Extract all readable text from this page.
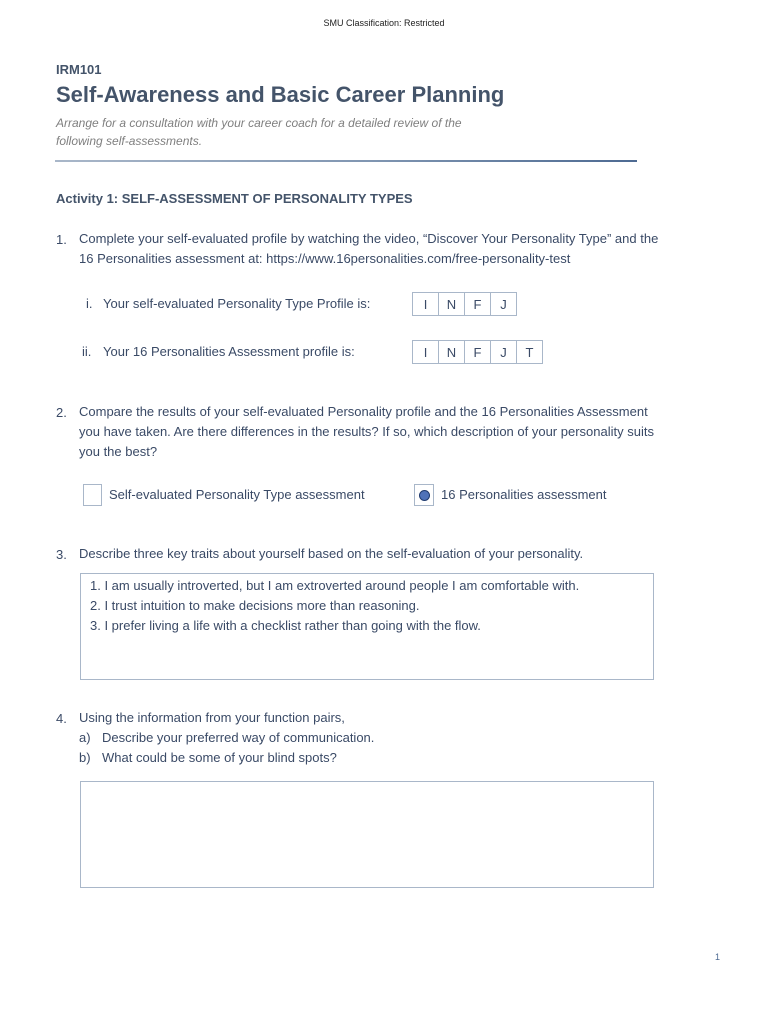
SMU Classification: Restricted
IRM101
Self-Awareness and Basic Career Planning
Arrange for a consultation with your career coach for a detailed review of the
following self-assessments.
Activity 1: SELF-ASSESSMENT OF PERSONALITY TYPES
1. Complete your self-evaluated profile by watching the video, “Discover Your Personality Type” and the
16 Personalities assessment at: https://www.16personalities.com/free-personality-test
i. Your self-evaluated Personality Type Profile is:	I	N	F	J
ii. Your 16 Personalities Assessment profile is:	I	N	F	J	T
2. Compare the results of your self-evaluated Personality profile and the 16 Personalities Assessment
you have taken. Are there differences in the results? If so, which description of your personality suits
you the best?
Self-evaluated Personality Type assessment	16 Personalities assessment
3. Describe three key traits about yourself based on the self-evaluation of your personality.
1. I am usually introverted, but I am extroverted around people I am comfortable with.
2. I trust intuition to make decisions more than reasoning.
3. I prefer living a life with a checklist rather than going with the flow.
4. Using the information from your function pairs,
a) Describe your preferred way of communication.
b) What could be some of your blind spots?
1
